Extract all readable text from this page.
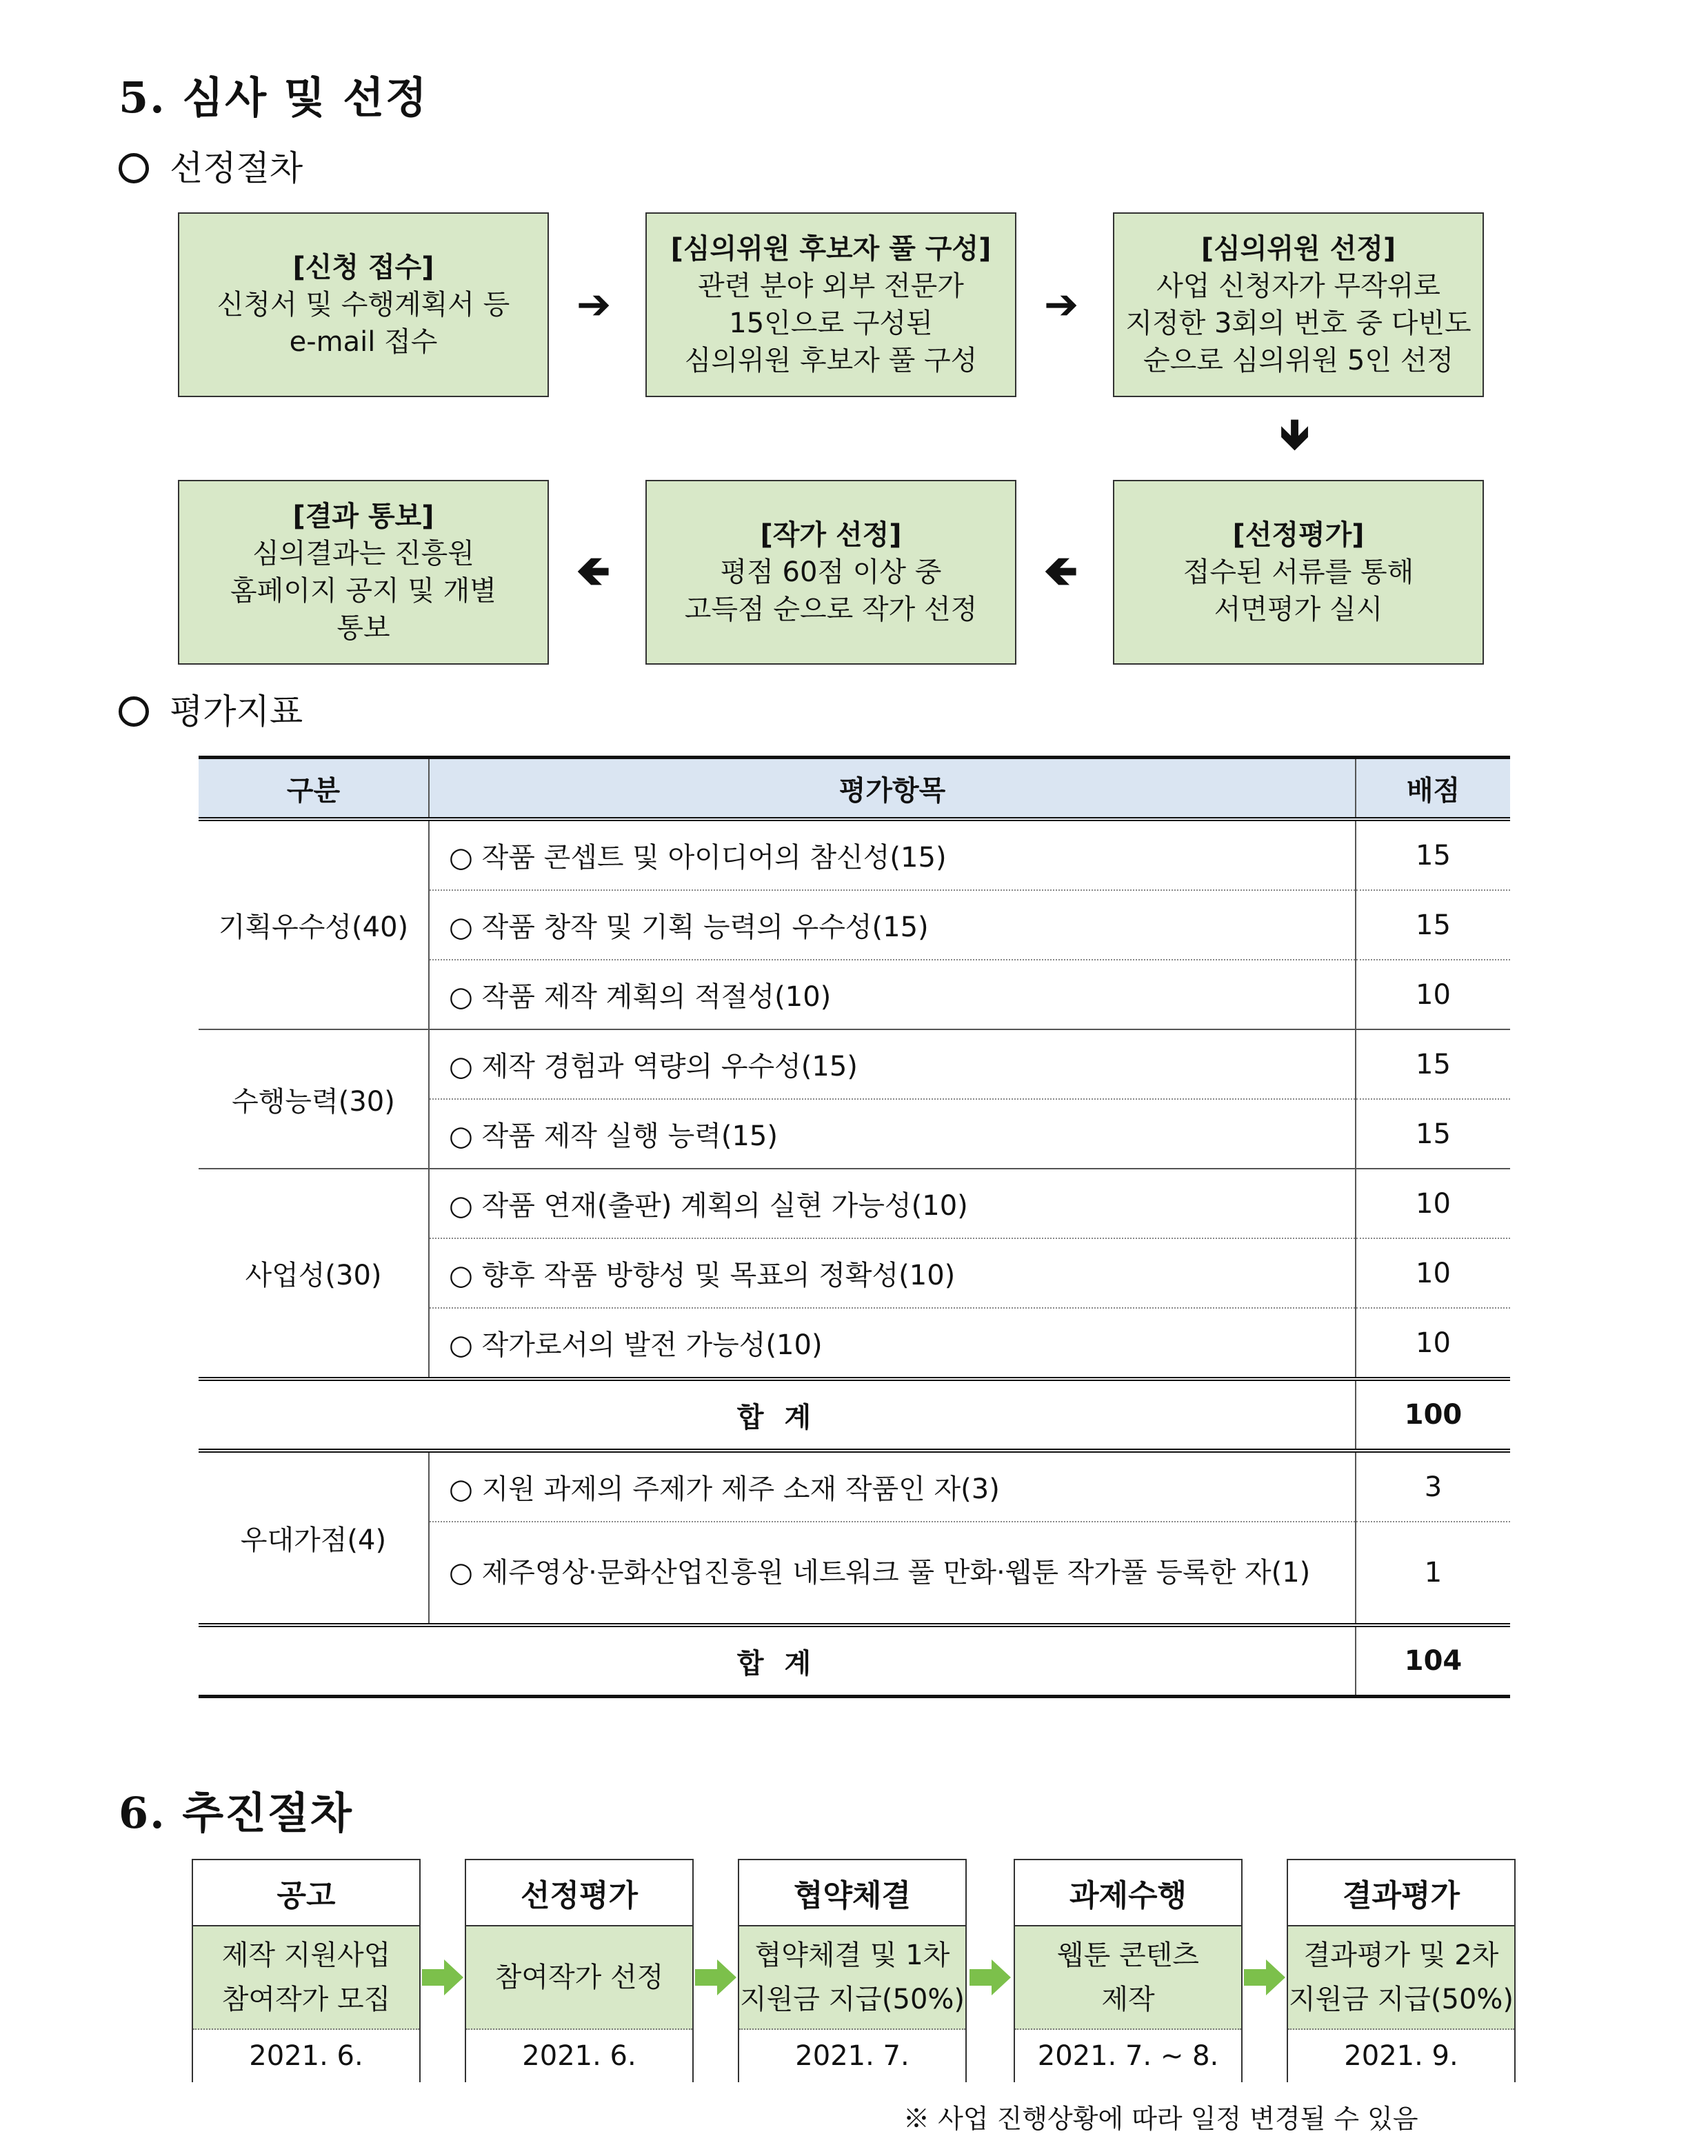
5. 심사 및 선정
선정절차
[신청 접수]
신청서 및 수행계획서 등
e-mail 접수
➔
[심의위원 후보자 풀 구성]
관련 분야 외부 전문가
15인으로 구성된
심의위원 후보자 풀 구성
➔
[심의위원 선정]
사업 신청자가 무작위로
지정한 3회의 번호 중 다빈도
순으로 심의위원 5인 선정
🡻
[결과 통보]
심의결과는 진흥원
홈페이지 공지 및 개별
통보
🡸
[작가 선정]
평점 60점 이상 중
고득점 순으로 작가 선정
🡸
[선정평가]
접수된 서류를 통해
서면평가 실시
평가지표
구분	평가항목	배점
기획우수성(40)	○ 작품 콘셉트 및 아이디어의 참신성(15)	15
	○ 작품 창작 및 기획 능력의 우수성(15)	15
	○ 작품 제작 계획의 적절성(10)	10
수행능력(30)	○ 제작 경험과 역량의 우수성(15)	15
	○ 작품 제작 실행 능력(15)	15
사업성(30)	○ 작품 연재(출판) 계획의 실현 가능성(10)	10
	○ 향후 작품 방향성 및 목표의 정확성(10)	10
	○ 작가로서의 발전 가능성(10)	10
합 계		100
우대가점(4)	○ 지원 과제의 주제가 제주 소재 작품인 자(3)	3
	○ 제주영상·문화산업진흥원 네트워크 풀 만화·웹툰 작가풀 등록한 자(1)	1
합 계		104
6. 추진절차
공고
제작 지원사업
참여작가 모집
2021. 6.
선정평가
참여작가 선정
2021. 6.
협약체결
협약체결 및 1차
지원금 지급(50%)
2021. 7.
과제수행
웹툰 콘텐츠
제작
2021. 7. ~ 8.
결과평가
결과평가 및 2차
지원금 지급(50%)
2021. 9.
※ 사업 진행상황에 따라 일정 변경될 수 있음
